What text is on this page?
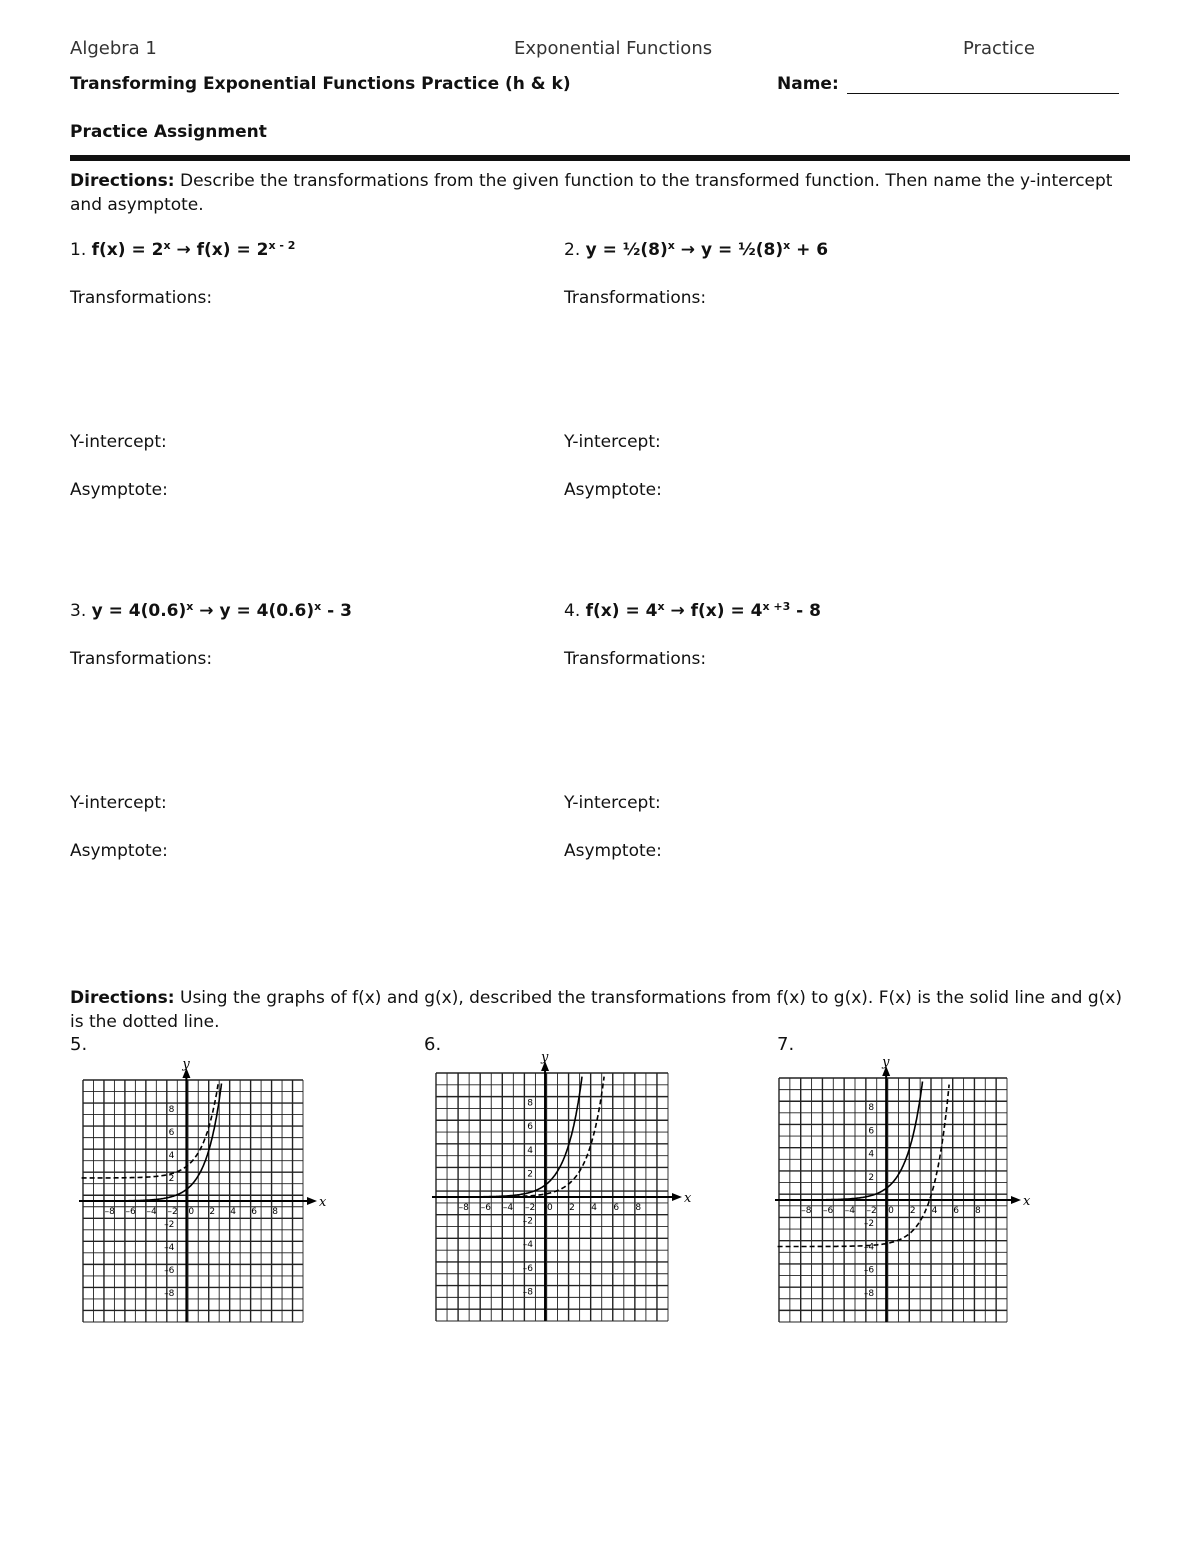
Algebra 1	Exponential Functions	Practice
Transforming Exponential Functions Practice (h & k)	Name:
Practice Assignment
Directions: Describe the transformations from the given function to the transformed function. Then name the y-intercept and asymptote.
1. $f(x) = 2^x \to f(x) = 2^{x - 2}$
Transformations:
Y-intercept:
Asymptote:
2. $y = \frac{1}{2}(8)^x \to y$ = $\frac{1}{2}(8)^x + 6$
Transformations:
Y-intercept:
Asymptote:
3. $y = 4(0.6)^x \to y = 4(0.6)^x - 3$
Transformations:
Y-intercept:
Asymptote:
4. $f(x) = 4^x \to f(x) = 4^{x +3} - 8$
Transformations:
Y-intercept:
Asymptote:
Directions: Using the graphs of f(x) and g(x), described the transformations from f(x) to g(x). F(x) is the solid line and g(x) is the dotted line.
5.
x
y
–8 –6 –4 –2 0 2 4 6 8
8
6
4
2
–2
–4
–6
–8
6.
x
y
–8 –6 –4 –2 0 2 4 6 8
8
6
4
2
–2
–4
–6
–8
7.
x
y
–8 –6 –4 –2 0 2 4 6 8
8
6
4
2
–2
–4
–6
–8
